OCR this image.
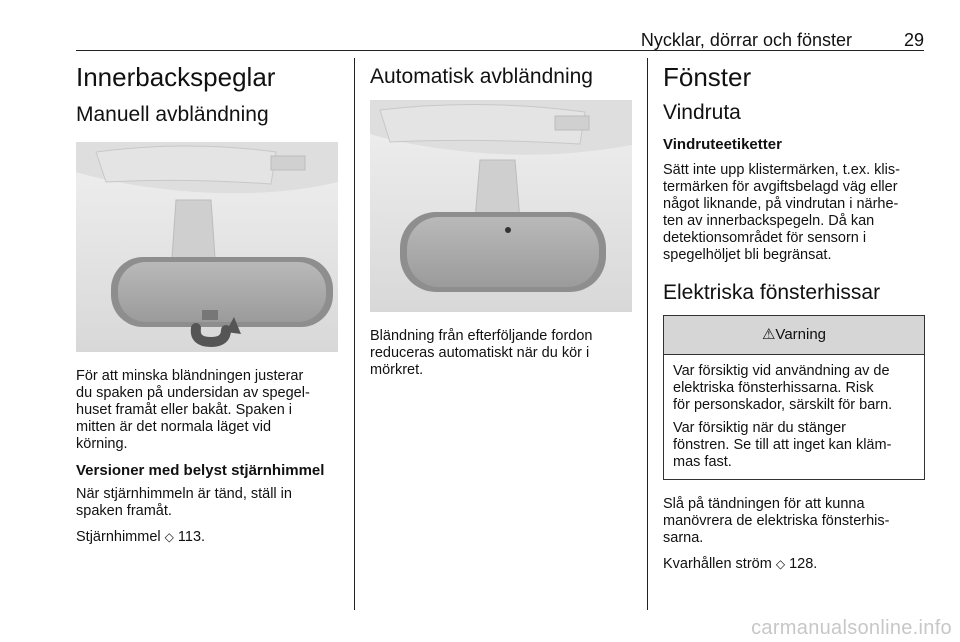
Nycklar, dörrar och fönster	29
Innerbackspeglar
Manuell avbländning

För att minska bländningen justerar

du spaken på undersidan av spegel-

huset framåt eller bakåt. Spaken i

mitten är det normala läget vid

körning.

Versioner med belyst stjärnhimmel

När stjärnhimmeln är tänd, ställ in

spaken framåt.

Stjärnhimmel ◇ 113.

Automatisk avbländning

Bländning från efterföljande fordon

reduceras automatiskt när du kör i

mörkret.

Fönster
Vindruta
Vindruteetiketter

Sätt inte upp klistermärken, t.ex. klis-

termärken för avgiftsbelagd väg eller

något liknande, på vindrutan i närhe-

ten av innerbackspegeln. Då kan

detektionsområdet för sensorn i

spegelhöljet bli begränsat.

Elektriska fönsterhissar
⚠Varning

Var försiktig vid användning av de

elektriska fönsterhissarna. Risk

för personskador, särskilt för barn.

Var försiktig när du stänger

fönstren. Se till att inget kan kläm-

mas fast.

Slå på tändningen för att kunna

manövrera de elektriska fönsterhis-

sarna.

Kvarhållen ström ◇ 128.

carmanualsonline.info
